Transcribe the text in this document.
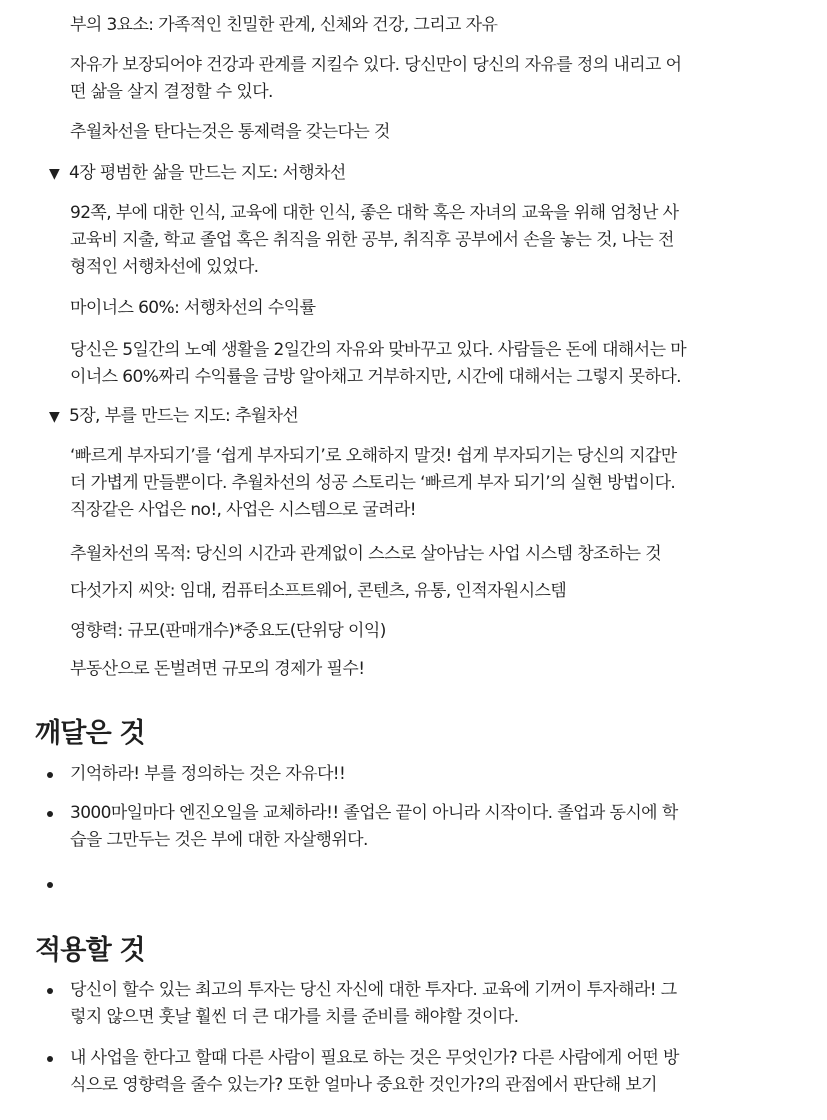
부의 3요소: 가족적인 친밀한 관계, 신체와 건강, 그리고 자유
자유가 보장되어야 건강과 관계를 지킬수 있다. 당신만이 당신의 자유를 정의 내리고 어
떤 삶을 살지 결정할 수 있다.
추월차선을 탄다는것은 통제력을 갖는다는 것
▼ 4장 평범한 삶을 만드는 지도: 서행차선
92쪽, 부에 대한 인식, 교육에 대한 인식, 좋은 대학 혹은 자녀의 교육을 위해 엄청난 사
교육비 지출, 학교 졸업 혹은 취직을 위한 공부, 취직후 공부에서 손을 놓는 것, 나는 전
형적인 서행차선에 있었다.
마이너스 60%: 서행차선의 수익률
당신은 5일간의 노예 생활을 2일간의 자유와 맞바꾸고 있다. 사람들은 돈에 대해서는 마
이너스 60%짜리 수익률을 금방 알아채고 거부하지만, 시간에 대해서는 그렇지 못하다.
▼ 5장, 부를 만드는 지도: 추월차선
‘빠르게 부자되기’를 ‘쉽게 부자되기’로 오해하지 말것! 쉽게 부자되기는 당신의 지갑만
더 가볍게 만들뿐이다. 추월차선의 성공 스토리는 ‘빠르게 부자 되기’의 실현 방법이다.
직장같은 사업은 no!, 사업은 시스템으로 굴려라!
추월차선의 목적: 당신의 시간과 관계없이 스스로 살아남는 사업 시스템 창조하는 것
다섯가지 씨앗: 임대, 컴퓨터소프트웨어, 콘텐츠, 유통, 인적자원시스템
영향력: 규모(판매개수)*중요도(단위당 이익)
부동산으로 돈벌려면 규모의 경제가 필수!
깨달은 것
기억하라! 부를 정의하는 것은 자유다!!
3000마일마다 엔진오일을 교체하라!! 졸업은 끝이 아니라 시작이다. 졸업과 동시에 학
습을 그만두는 것은 부에 대한 자살행위다.
적용할 것
당신이 할수 있는 최고의 투자는 당신 자신에 대한 투자다. 교육에 기꺼이 투자해라! 그
렇지 않으면 훗날 훨씬 더 큰 대가를 치를 준비를 해야할 것이다.
내 사업을 한다고 할때 다른 사람이 필요로 하는 것은 무엇인가? 다른 사람에게 어떤 방
식으로 영향력을 줄수 있는가? 또한 얼마나 중요한 것인가?의 관점에서 판단해 보기
